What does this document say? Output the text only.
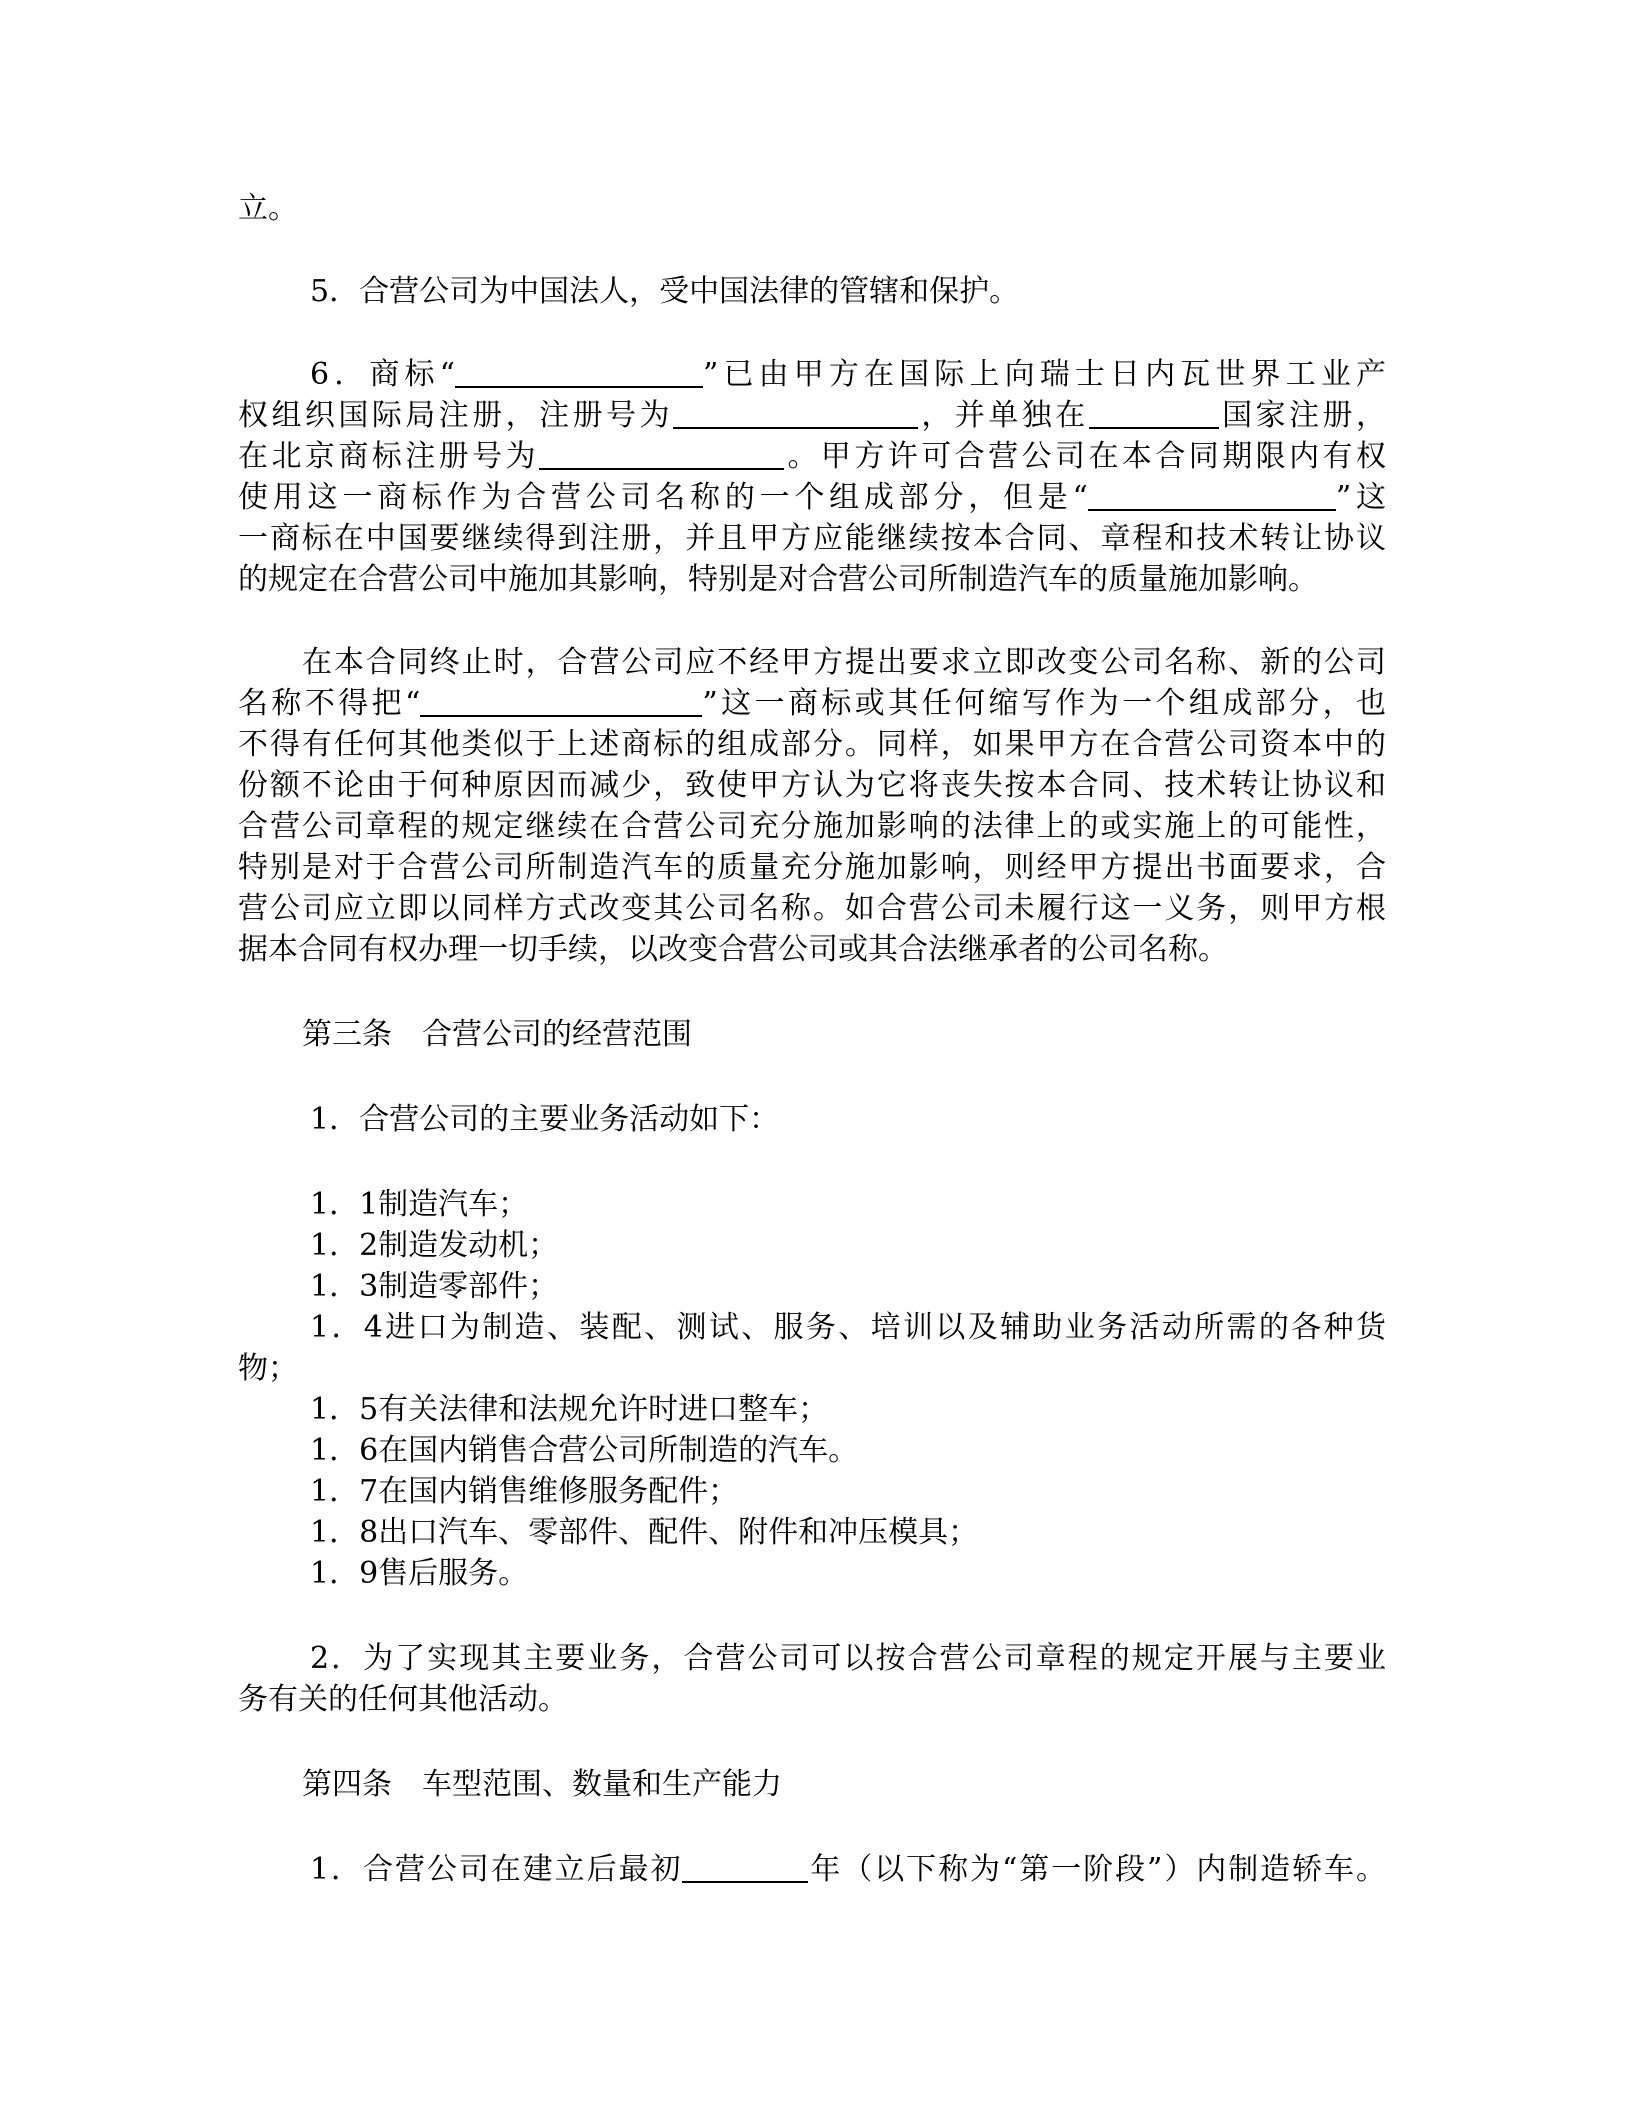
立。
5．合营公司为中国法人，受中国法律的管辖和保护。
6．商标“	”已由甲方在国际上向瑞士日内瓦世界工业产
权组织国际局注册，注册号为	，并单独在	国家注册，
在北京商标注册号为	。甲方许可合营公司在本合同期限内有权
使用这一商标作为合营公司名称的一个组成部分，但是“	”这
一商标在中国要继续得到注册，并且甲方应能继续按本合同、章程和技术转让协议
的规定在合营公司中施加其影响，特别是对合营公司所制造汽车的质量施加影响。
在本合同终止时，合营公司应不经甲方提出要求立即改变公司名称、新的公司
名称不得把“	”这一商标或其任何缩写作为一个组成部分，也
不得有任何其他类似于上述商标的组成部分。同样，如果甲方在合营公司资本中的
份额不论由于何种原因而减少，致使甲方认为它将丧失按本合同、技术转让协议和
合营公司章程的规定继续在合营公司充分施加影响的法律上的或实施上的可能性，
特别是对于合营公司所制造汽车的质量充分施加影响，则经甲方提出书面要求，合
营公司应立即以同样方式改变其公司名称。如合营公司未履行这一义务，则甲方根
据本合同有权办理一切手续，以改变合营公司或其合法继承者的公司名称。
第三条　合营公司的经营范围
1．合营公司的主要业务活动如下：
1．1制造汽车；
1．2制造发动机；
1．3制造零部件；
1．4进口为制造、装配、测试、服务、培训以及辅助业务活动所需的各种货
物；
1．5有关法律和法规允许时进口整车；
1．6在国内销售合营公司所制造的汽车。
1．7在国内销售维修服务配件；
1．8出口汽车、零部件、配件、附件和冲压模具；
1．9售后服务。
2．为了实现其主要业务，合营公司可以按合营公司章程的规定开展与主要业
务有关的任何其他活动。
第四条　车型范围、数量和生产能力
1．合营公司在建立后最初	年（以下称为“第一阶段”）内制造轿车。
